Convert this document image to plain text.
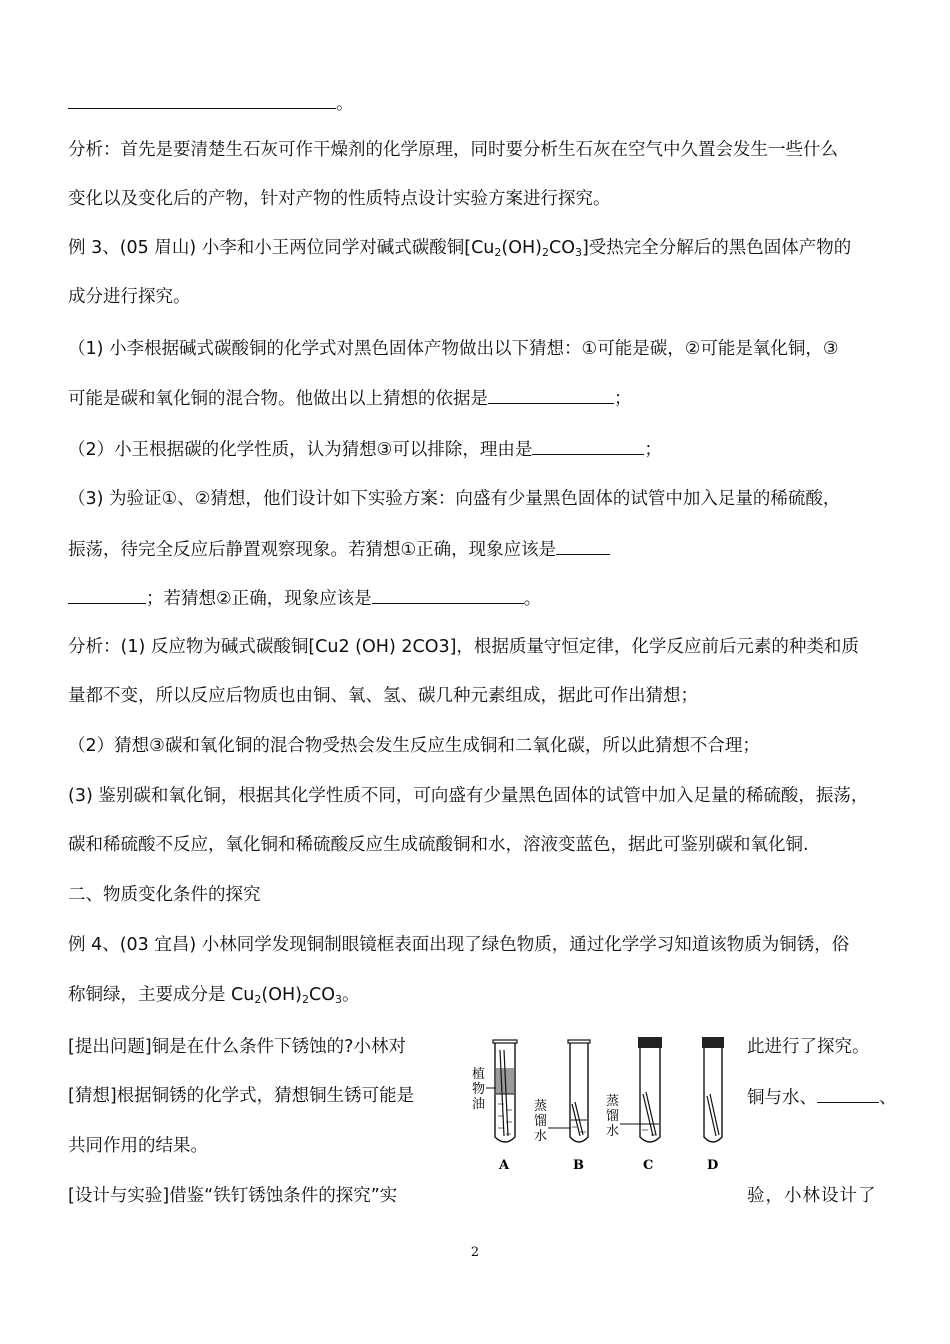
。
分析：首先是要清楚生石灰可作干燥剂的化学原理，同时要分析生石灰在空气中久置会发生一些什么
变化以及变化后的产物，针对产物的性质特点设计实验方案进行探究。
例 3、(05 眉山) 小李和小王两位同学对碱式碳酸铜$[Cu_2(OH)_2CO_3]$受热完全分解后的黑色固体产物的
成分进行探究。
（1) 小李根据碱式碳酸铜的化学式对黑色固体产物做出以下猜想：①可能是碳，②可能是氧化铜，③
可能是碳和氧化铜的混合物。他做出以上猜想的依据是	；
（2）小王根据碳的化学性质，认为猜想③可以排除，理由是	；
（3) 为验证①、②猜想，他们设计如下实验方案：向盛有少量黑色固体的试管中加入足量的稀硫酸，
振荡，待完全反应后静置观察现象。若猜想①正确，现象应该是
；若猜想②正确，现象应该是	。
分析：(1) 反应物为碱式碳酸铜[Cu2 (OH) 2CO3]，根据质量守恒定律，化学反应前后元素的种类和质
量都不变，所以反应后物质也由铜、氧、氢、碳几种元素组成，据此可作出猜想；
（2）猜想③碳和氧化铜的混合物受热会发生反应生成铜和二氧化碳，所以此猜想不合理；
(3) 鉴别碳和氧化铜，根据其化学性质不同，可向盛有少量黑色固体的试管中加入足量的稀硫酸，振荡，
碳和稀硫酸不反应，氧化铜和稀硫酸反应生成硫酸铜和水，溶液变蓝色，据此可鉴别碳和氧化铜.
二、物质变化条件的探究
例 4、(03 宜昌) 小林同学发现铜制眼镜框表面出现了绿色物质，通过化学学习知道该物质为铜锈，俗
称铜绿，主要成分是 $Cu_2(OH)_2CO_3$。
[提出问题]铜是在什么条件下锈蚀的?小林对	此进行了探究。
[猜想]根据铜锈的化学式，猜想铜生锈可能是	铜与水、	、
共同作用的结果。
[设计与实验]借鉴“铁钉锈蚀条件的探究”实	验，小林设计了
植
物
油
A
蒸
馏
水
B
蒸
馏
水
C	D
2
